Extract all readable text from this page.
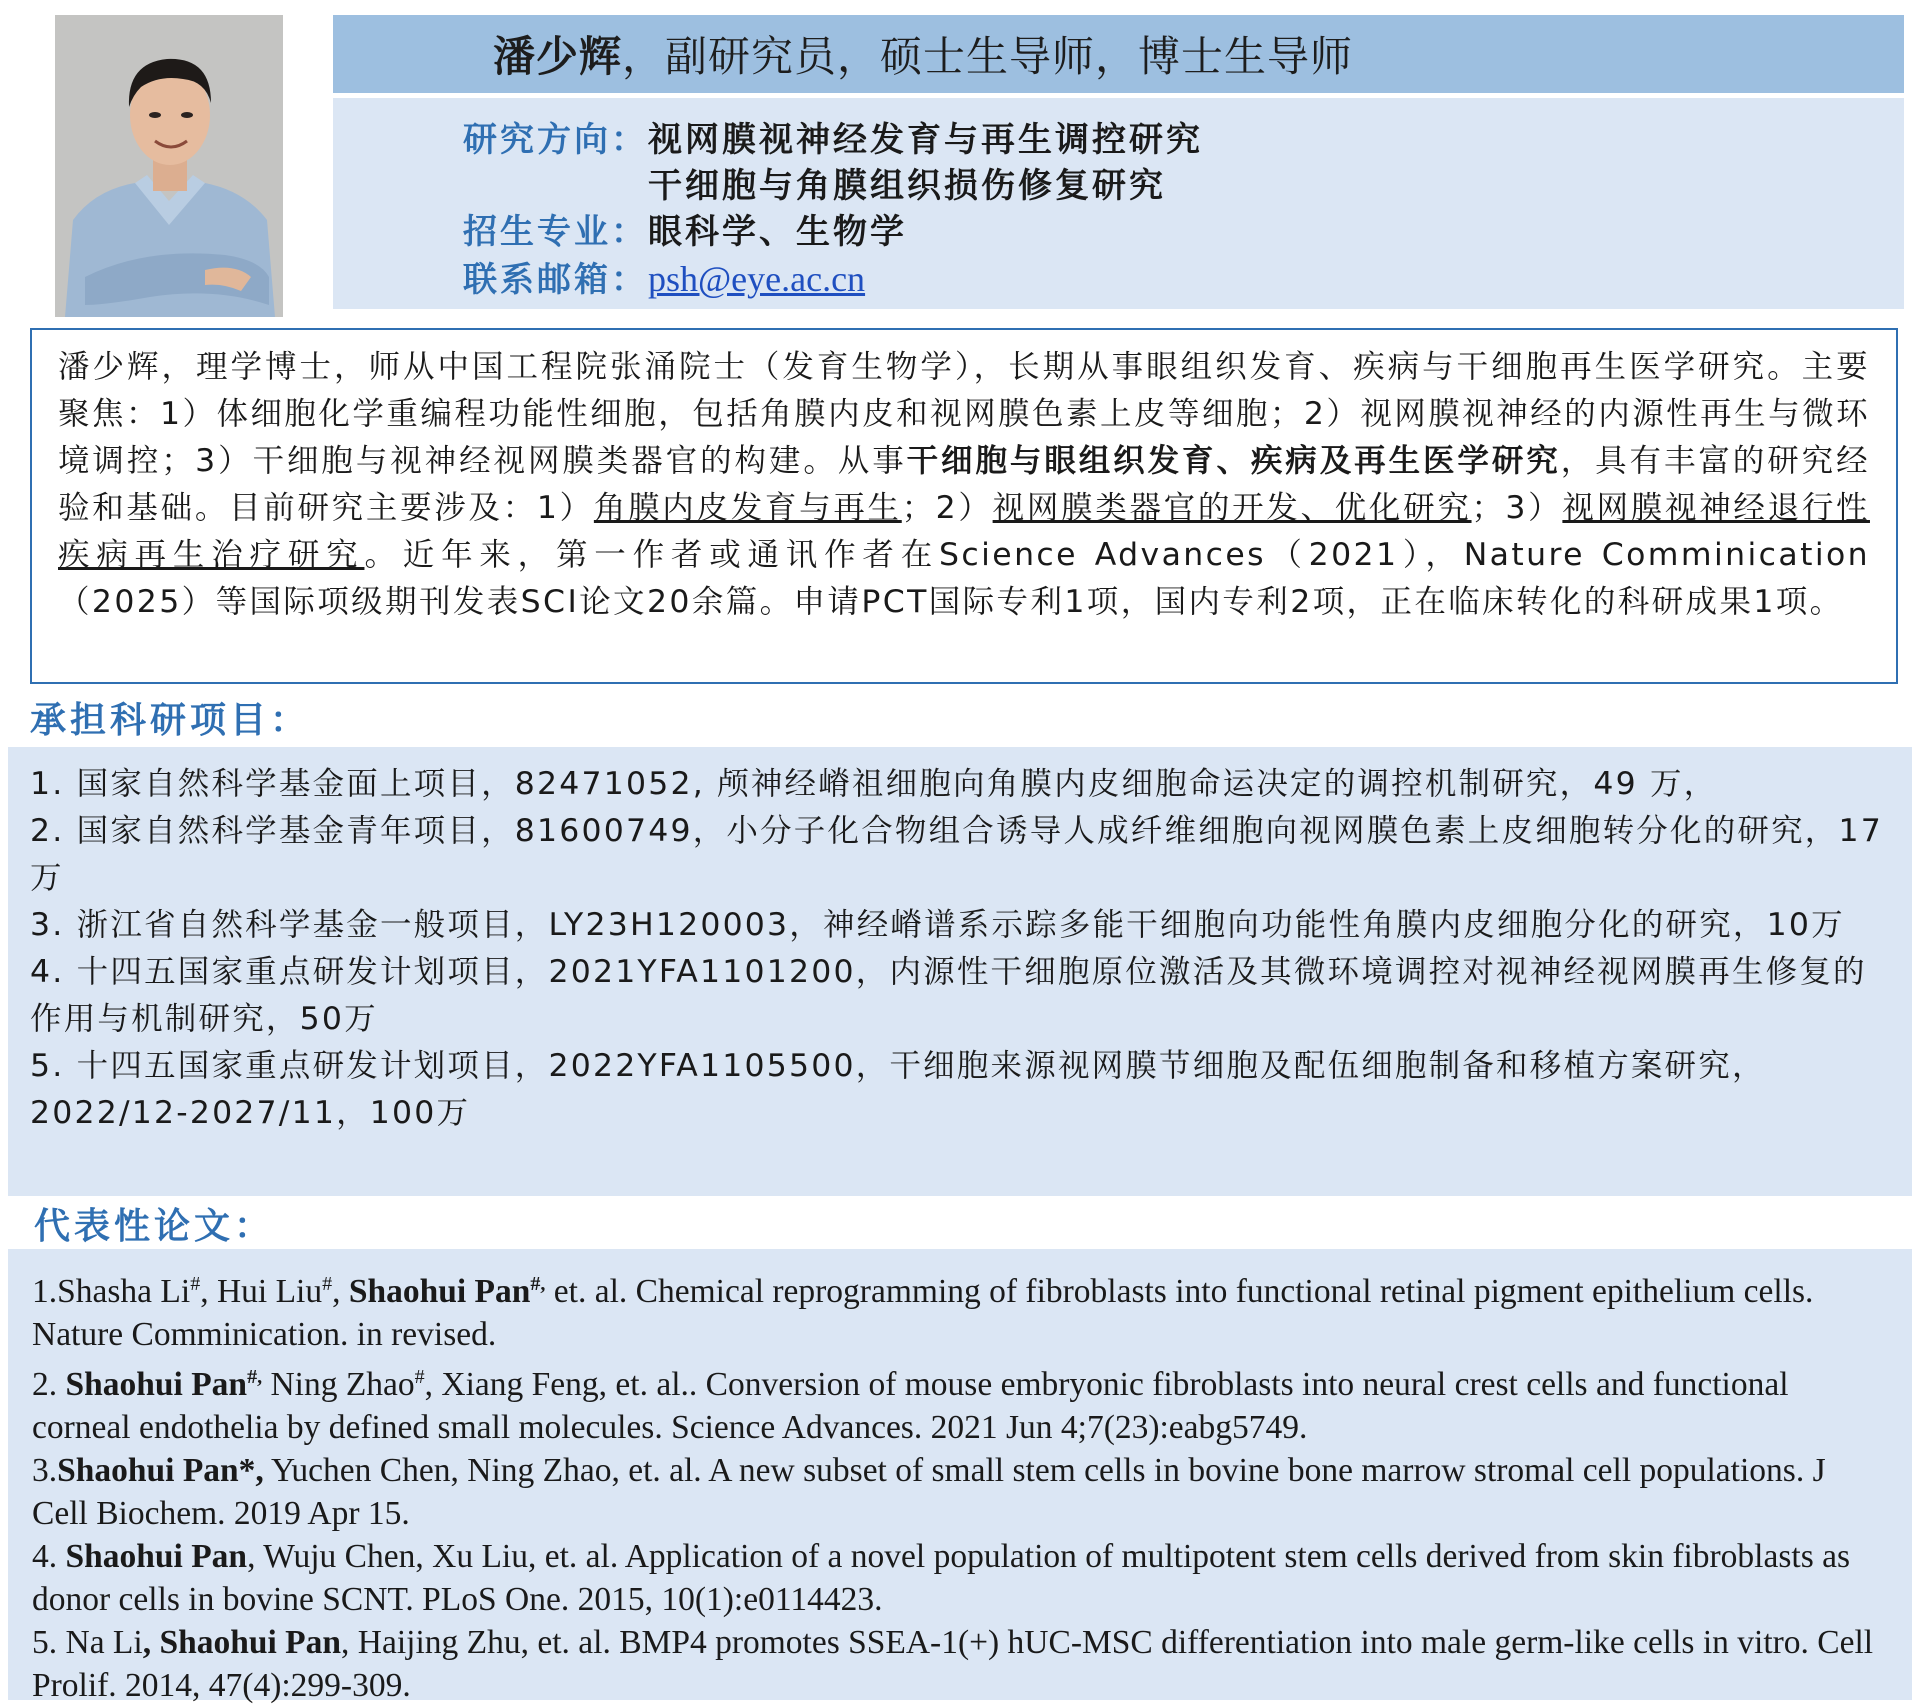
潘少辉，副研究员，硕士生导师，博士生导师
研究方向：视网膜视神经发育与再生调控研究
干细胞与角膜组织损伤修复研究
招生专业：眼科学、生物学
联系邮箱：psh@eye.ac.cn
潘少辉，理学博士，师从中国工程院张涌院士（发育生物学），长期从事眼组织发育、疾病与干细胞再生医学研究。主要聚焦：1）体细胞化学重编程功能性细胞，包括角膜内皮和视网膜色素上皮等细胞；2）视网膜视神经的内源性再生与微环境调控；3）干细胞与视神经视网膜类器官的构建。从事干细胞与眼组织发育、疾病及再生医学研究，具有丰富的研究经验和基础。目前研究主要涉及：1）角膜内皮发育与再生；2）视网膜类器官的开发、优化研究；3）视网膜视神经退行性疾病再生治疗研究。近年来，第一作者或通讯作者在Science Advances（2021），Nature Comminication（2025）等国际项级期刊发表SCI论文20余篇。申请PCT国际专利1项，国内专利2项，正在临床转化的科研成果1项。
承担科研项目：
1. 国家自然科学基金面上项目，82471052, 颅神经嵴祖细胞向角膜内皮细胞命运决定的调控机制研究，49 万，
2. 国家自然科学基金青年项目，81600749，小分子化合物组合诱导人成纤维细胞向视网膜色素上皮细胞转分化的研究，17万
3. 浙江省自然科学基金一般项目，LY23H120003，神经嵴谱系示踪多能干细胞向功能性角膜内皮细胞分化的研究，10万
4. 十四五国家重点研发计划项目，2021YFA1101200，内源性干细胞原位激活及其微环境调控对视神经视网膜再生修复的作用与机制研究，50万
5. 十四五国家重点研发计划项目，2022YFA1105500，干细胞来源视网膜节细胞及配伍细胞制备和移植方案研究，2022/12-2027/11，100万
代表性论文：

1.Shasha Li#, Hui Liu#, Shaohui Pan#, et. al. Chemical reprogramming of fibroblasts into functional retinal pigment epithelium cells. Nature Comminication. in revised.

2. Shaohui Pan#, Ning Zhao#, Xiang Feng, et. al.. Conversion of mouse embryonic fibroblasts into neural crest cells and functional corneal endothelia by defined small molecules. Science Advances. 2021 Jun 4;7(23):eabg5749.

3.Shaohui Pan*, Yuchen Chen, Ning Zhao, et. al. A new subset of small stem cells in bovine bone marrow stromal cell populations. J Cell Biochem. 2019 Apr 15.

4. Shaohui Pan, Wuju Chen, Xu Liu, et. al. Application of a novel population of multipotent stem cells derived from skin fibroblasts as donor cells in bovine SCNT. PLoS One. 2015, 10(1):e0114423.

5. Na Li, Shaohui Pan, Haijing Zhu, et. al. BMP4 promotes SSEA-1(+) hUC-MSC differentiation into male germ-like cells in vitro. Cell Prolif. 2014, 47(4):299-309.
